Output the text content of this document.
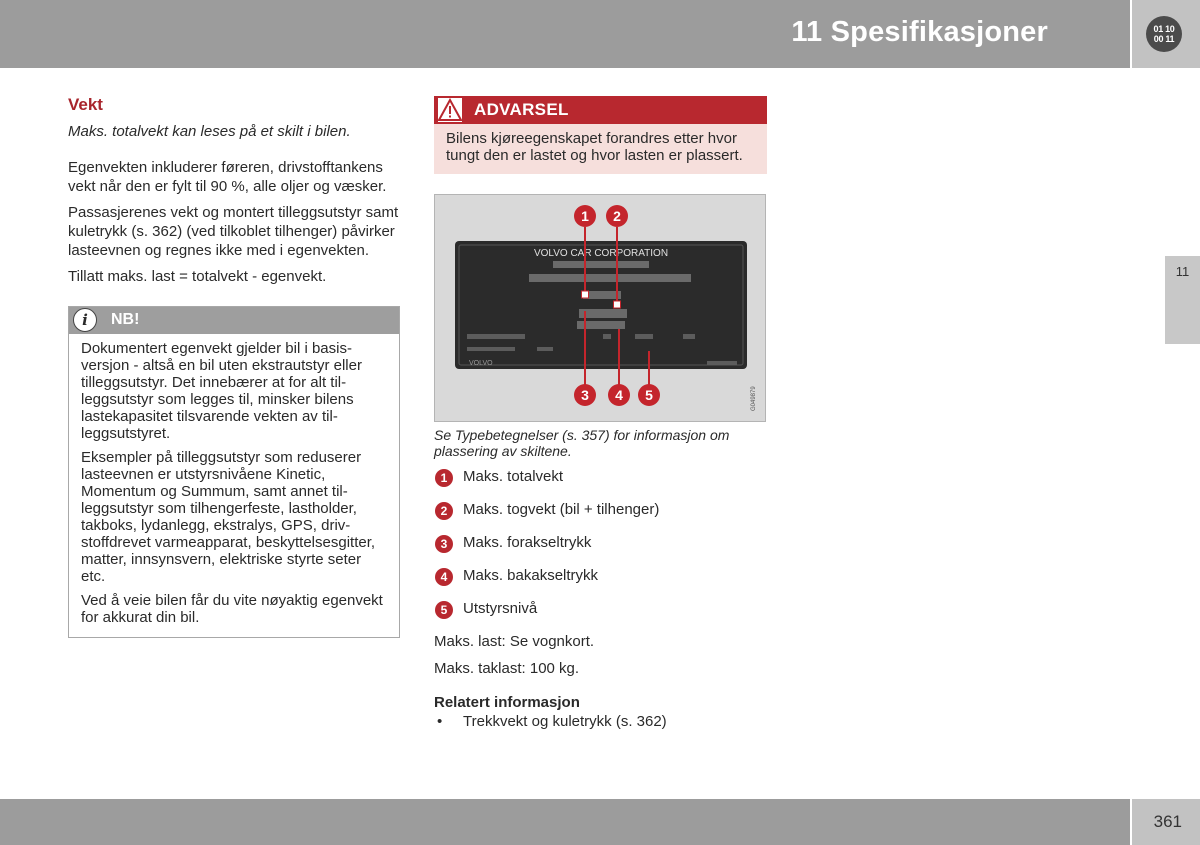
11 Spesifikasjoner	01 10
00 11
11
Vekt

Maks. totalvekt kan leses på et skilt i bilen.

Egenvekten inkluderer føreren, drivstofftankens vekt når den er fylt til 90 %, alle oljer og væsker.

Passasjerenes vekt og montert tilleggsutstyr samt kuletrykk (s. 362) (ved tilkoblet tilhenger) påvirker lasteevnen og regnes ikke med i egenvekten.

Tillatt maks. last = totalvekt - egenvekt.

i	NB!

Dokumentert egenvekt gjelder bil i basisversjon - altså en bil uten ekstrautstyr eller tilleggsutstyr. Det innebærer at for alt tilleggsutstyr som legges til, minsker bilens lastekapasitet tilsvarende vekten av tilleggsutstyret.

Eksempler på tilleggsutstyr som reduserer lasteevnen er utstyrsnivåene Kinetic, Momentum og Summum, samt annet tilleggsutstyr som tilhengerfeste, lastholder, takboks, lydanlegg, ekstralys, GPS, drivstoffdrevet varmeapparat, beskyttelsesgitter, matter, innsynsvern, elektriske styrte seter etc.

Ved å veie bilen får du vite nøyaktig egenvekt for akkurat din bil.

ADVARSEL

Bilens kjøreegenskapet forandres etter hvor tungt den er lastet og hvor lasten er plassert.

VOLVO CAR CORPORATION
VOLVO
1 2
3 4 5	G049879

Se Typebetegnelser (s. 357) for informasjon om plassering av skiltene.

1	Maks. totalvekt
2	Maks. togvekt (bil + tilhenger)
3	Maks. forakseltrykk
4	Maks. bakakseltrykk
5	Utstyrsnivå

Maks. last: Se vognkort.

Maks. taklast: 100 kg.

Relatert informasjon
• Trekkvekt og kuletrykk (s. 362)
361
